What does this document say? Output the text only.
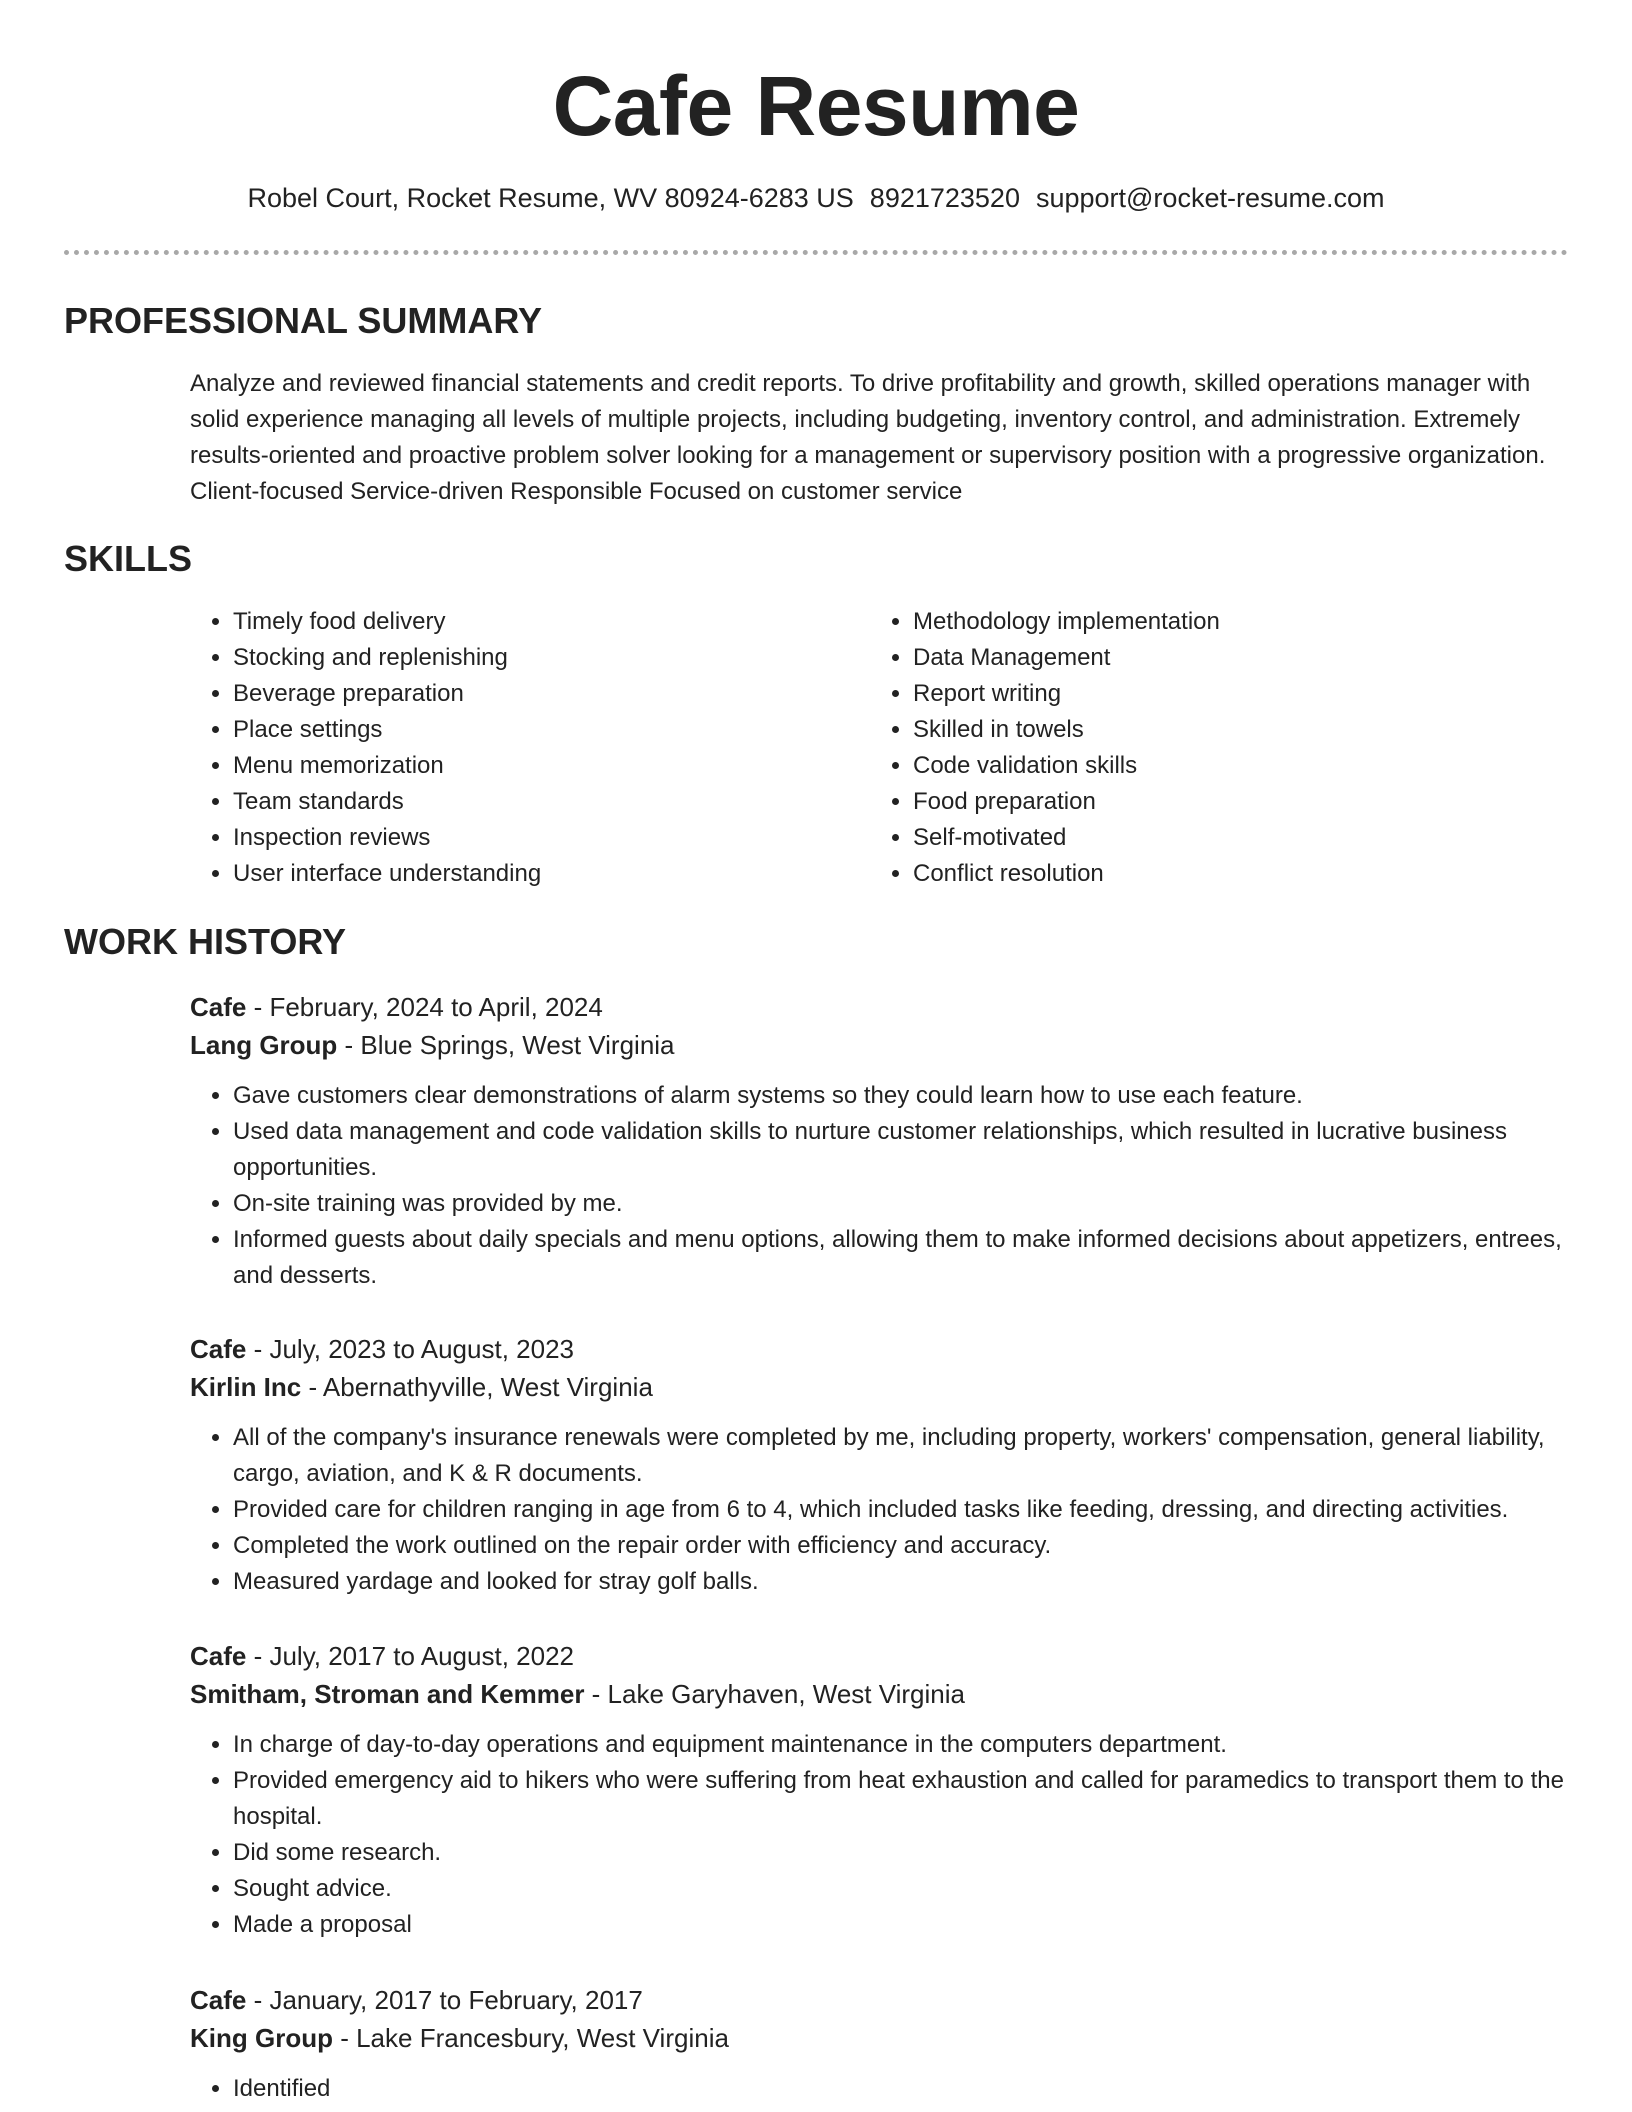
Cafe Resume
Robel Court, Rocket Resume, WV 80924-6283 US 8921723520 support@rocket-resume.com
PROFESSIONAL SUMMARY

Analyze and reviewed financial statements and credit reports. To drive profitability and growth, skilled operations manager with solid experience managing all levels of multiple projects, including budgeting, inventory control, and administration. Extremely results-oriented and proactive problem solver looking for a management or supervisory position with a progressive organization. Client-focused Service-driven Responsible Focused on customer service

SKILLS
• Timely food delivery
• Stocking and replenishing
• Beverage preparation
• Place settings
• Menu memorization
• Team standards
• Inspection reviews
• User interface understanding
• Methodology implementation
• Data Management
• Report writing
• Skilled in towels
• Code validation skills
• Food preparation
• Self-motivated
• Conflict resolution
WORK HISTORY
Cafe - February, 2024 to April, 2024
Lang Group - Blue Springs, West Virginia
• Gave customers clear demonstrations of alarm systems so they could learn how to use each feature.
• Used data management and code validation skills to nurture customer relationships, which resulted in lucrative business opportunities.
• On-site training was provided by me.
• Informed guests about daily specials and menu options, allowing them to make informed decisions about appetizers, entrees, and desserts.
Cafe - July, 2023 to August, 2023
Kirlin Inc - Abernathyville, West Virginia
• All of the company's insurance renewals were completed by me, including property, workers' compensation, general liability, cargo, aviation, and K & R documents.
• Provided care for children ranging in age from 6 to 4, which included tasks like feeding, dressing, and directing activities.
• Completed the work outlined on the repair order with efficiency and accuracy.
• Measured yardage and looked for stray golf balls.
Cafe - July, 2017 to August, 2022
Smitham, Stroman and Kemmer - Lake Garyhaven, West Virginia
• In charge of day-to-day operations and equipment maintenance in the computers department.
• Provided emergency aid to hikers who were suffering from heat exhaustion and called for paramedics to transport them to the hospital.
• Did some research.
• Sought advice.
• Made a proposal
Cafe - January, 2017 to February, 2017
King Group - Lake Francesbury, West Virginia
• Identified
